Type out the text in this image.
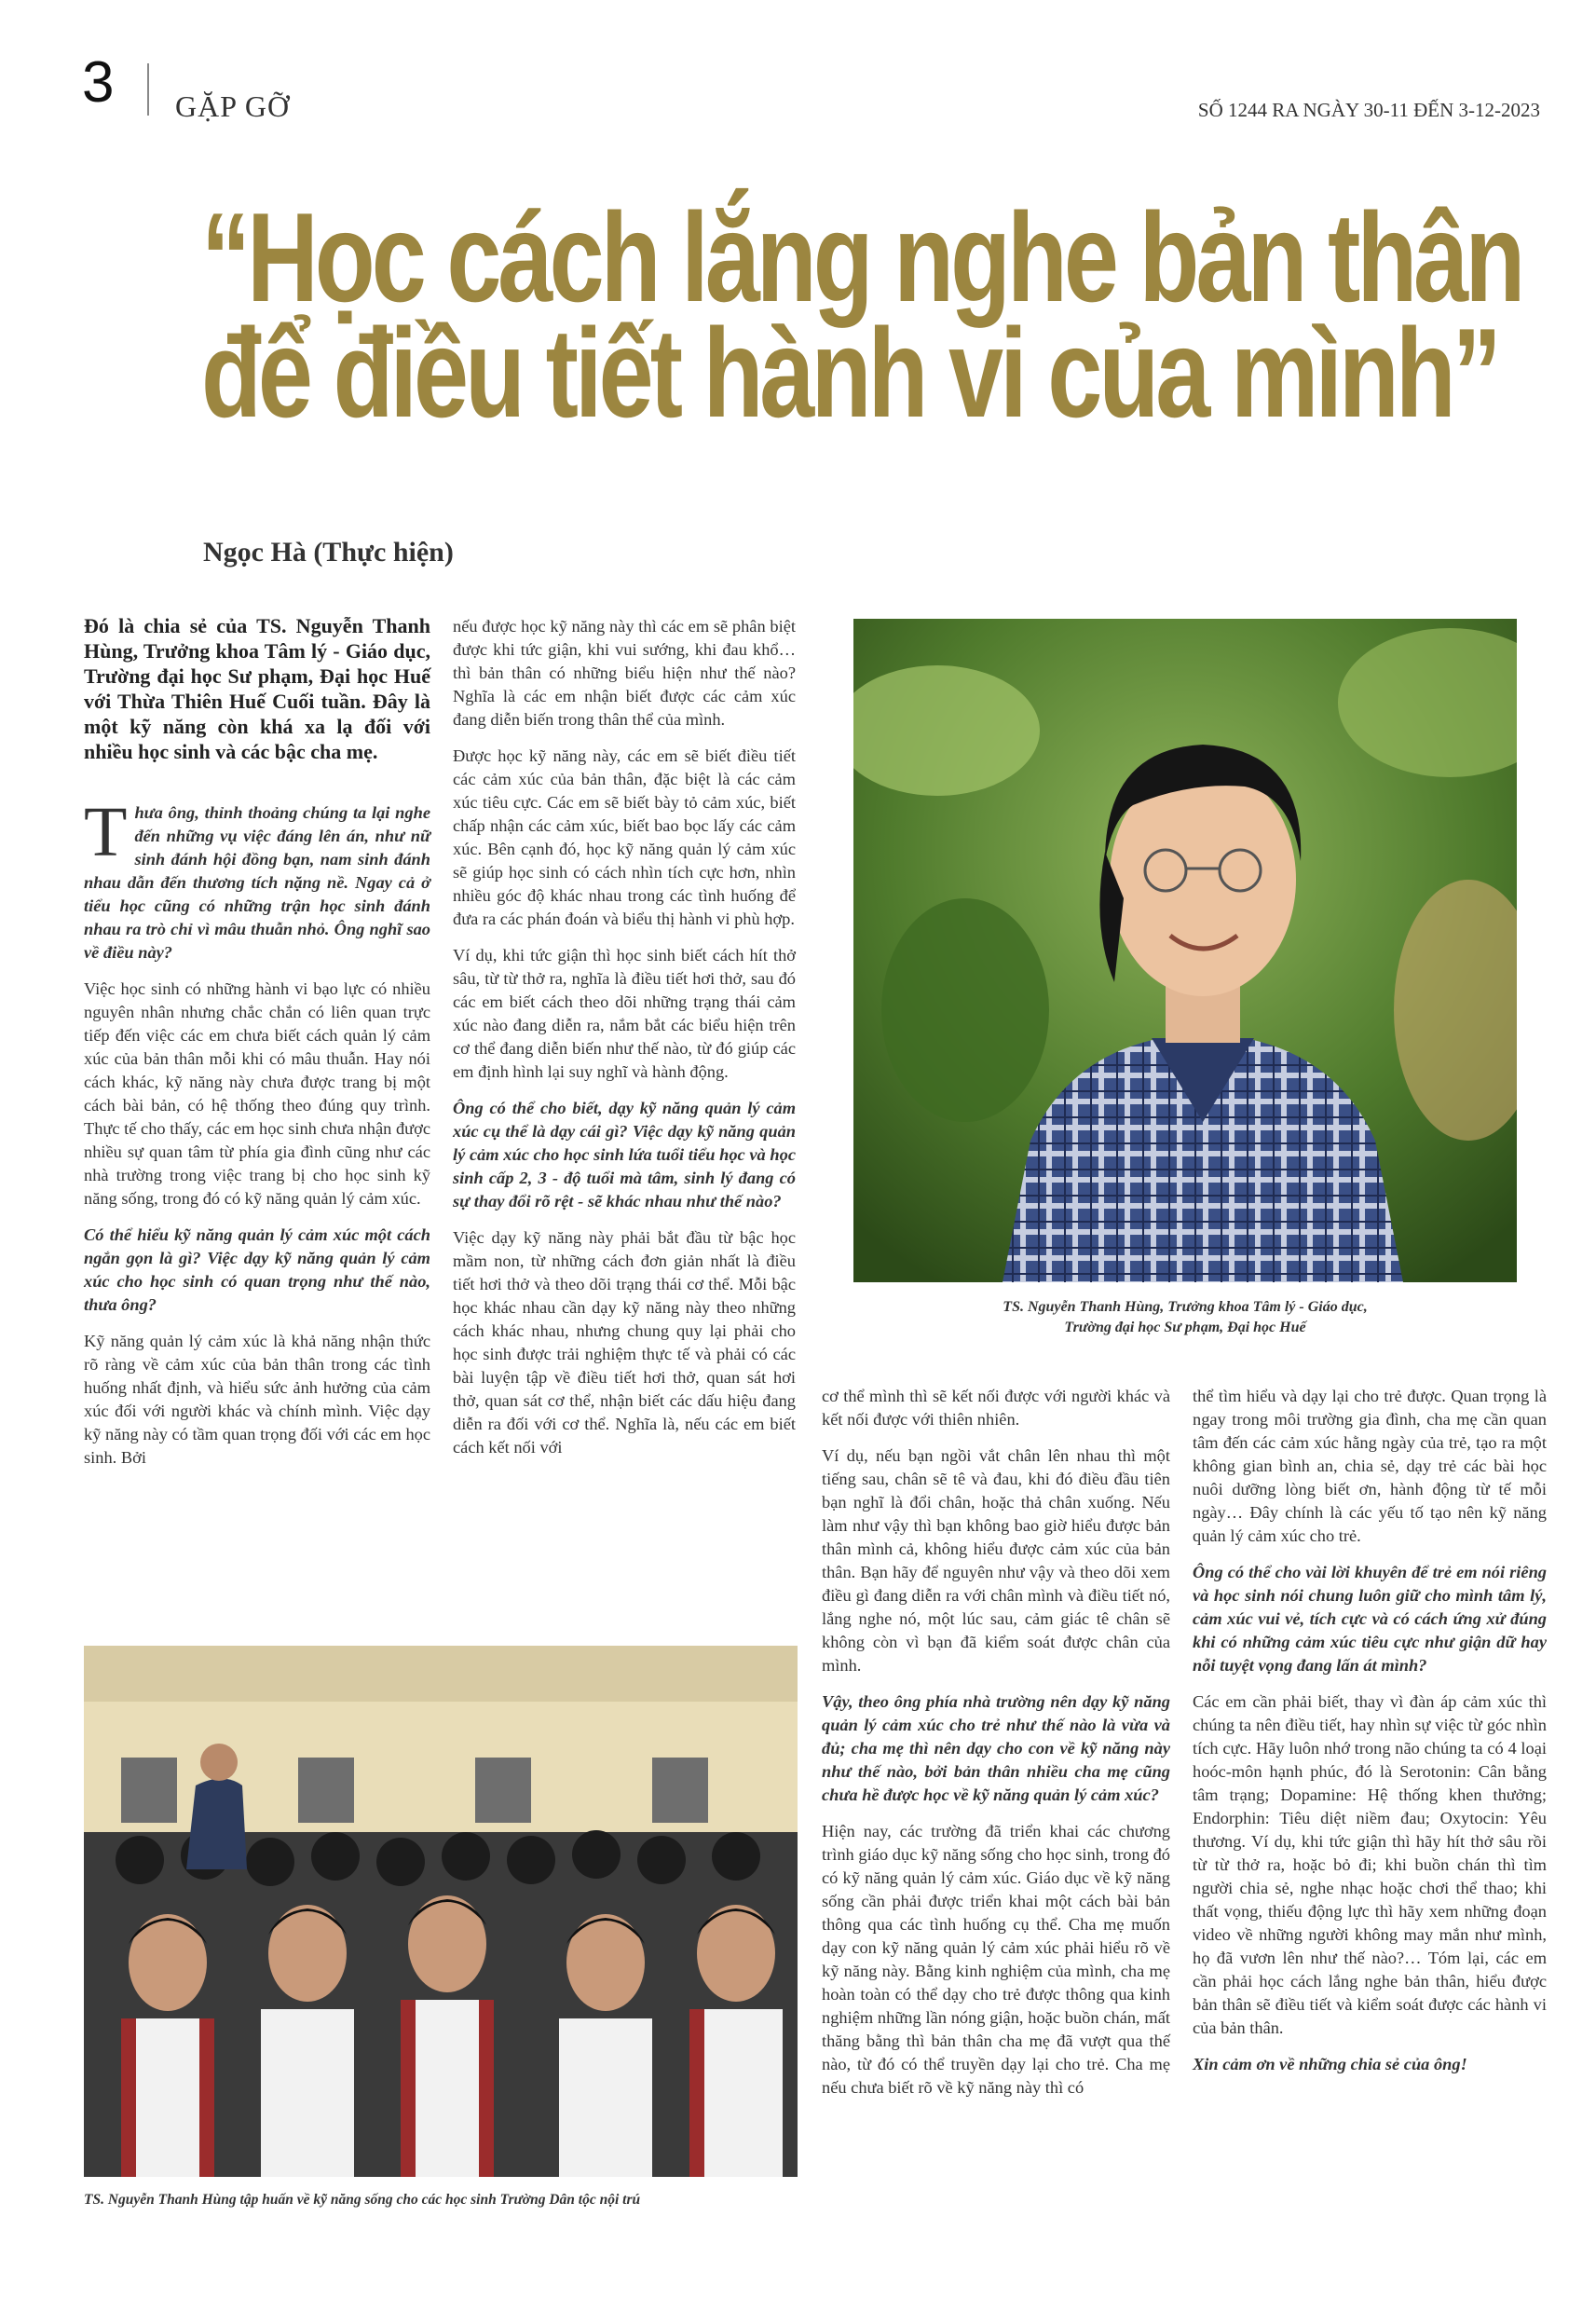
3 GẶP GỠ	SỐ 1244 RA NGÀY 30-11 ĐẾN 3-12-2023
“Học cách lắng nghe bản thân
để điều tiết hành vi của mình”
Ngọc Hà (Thực hiện)

Đó là chia sẻ của TS. Nguyễn Thanh Hùng, Trưởng khoa Tâm lý - Giáo dục, Trường đại học Sư phạm, Đại học Huế với Thừa Thiên Huế Cuối tuần. Đây là một kỹ năng còn khá xa lạ đối với nhiều học sinh và các bậc cha mẹ.

Thưa ông, thỉnh thoảng chúng ta lại nghe đến những vụ việc đáng lên án, như nữ sinh đánh hội đồng bạn, nam sinh đánh nhau dẫn đến thương tích nặng nề. Ngay cả ở tiểu học cũng có những trận học sinh đánh nhau ra trò chỉ vì mâu thuẫn nhỏ. Ông nghĩ sao về điều này?

Việc học sinh có những hành vi bạo lực có nhiều nguyên nhân nhưng chắc chắn có liên quan trực tiếp đến việc các em chưa biết cách quản lý cảm xúc của bản thân mỗi khi có mâu thuẫn. Hay nói cách khác, kỹ năng này chưa được trang bị một cách bài bản, có hệ thống theo đúng quy trình. Thực tế cho thấy, các em học sinh chưa nhận được nhiều sự quan tâm từ phía gia đình cũng như các nhà trường trong việc trang bị cho học sinh kỹ năng sống, trong đó có kỹ năng quản lý cảm xúc.

Có thể hiểu kỹ năng quản lý cảm xúc một cách ngắn gọn là gì? Việc dạy kỹ năng quản lý cảm xúc cho học sinh có quan trọng như thế nào, thưa ông?

Kỹ năng quản lý cảm xúc là khả năng nhận thức rõ ràng về cảm xúc của bản thân trong các tình huống nhất định, và hiểu sức ảnh hưởng của cảm xúc đối với người khác và chính mình. Việc dạy kỹ năng này có tầm quan trọng đối với các em học sinh. Bởi

nếu được học kỹ năng này thì các em sẽ phân biệt được khi tức giận, khi vui sướng, khi đau khổ… thì bản thân có những biểu hiện như thế nào? Nghĩa là các em nhận biết được các cảm xúc đang diễn biến trong thân thể của mình.

Được học kỹ năng này, các em sẽ biết điều tiết các cảm xúc của bản thân, đặc biệt là các cảm xúc tiêu cực. Các em sẽ biết bày tỏ cảm xúc, biết chấp nhận các cảm xúc, biết bao bọc lấy các cảm xúc. Bên cạnh đó, học kỹ năng quản lý cảm xúc sẽ giúp học sinh có cách nhìn tích cực hơn, nhìn nhiều góc độ khác nhau trong các tình huống để đưa ra các phán đoán và biểu thị hành vi phù hợp.

Ví dụ, khi tức giận thì học sinh biết cách hít thở sâu, từ từ thở ra, nghĩa là điều tiết hơi thở, sau đó các em biết cách theo dõi những trạng thái cảm xúc nào đang diễn ra, nắm bắt các biểu hiện trên cơ thể đang diễn biến như thế nào, từ đó giúp các em định hình lại suy nghĩ và hành động.

Ông có thể cho biết, dạy kỹ năng quản lý cảm xúc cụ thể là dạy cái gì? Việc dạy kỹ năng quản lý cảm xúc cho học sinh lứa tuổi tiểu học và học sinh cấp 2, 3 - độ tuổi mà tâm, sinh lý đang có sự thay đổi rõ rệt - sẽ khác nhau như thế nào?

Việc dạy kỹ năng này phải bắt đầu từ bậc học mầm non, từ những cách đơn giản nhất là điều tiết hơi thở và theo dõi trạng thái cơ thể. Mỗi bậc học khác nhau cần dạy kỹ năng này theo những cách khác nhau, nhưng chung quy lại phải cho học sinh được trải nghiệm thực tế và phải có các bài luyện tập về điều tiết hơi thở, quan sát hơi thở, quan sát cơ thể, nhận biết các dấu hiệu đang diễn ra đối với cơ thể. Nghĩa là, nếu các em biết cách kết nối với

TS. Nguyễn Thanh Hùng, Trưởng khoa Tâm lý - Giáo dục,
Trường đại học Sư phạm, Đại học Huế

cơ thể mình thì sẽ kết nối được với người khác và kết nối được với thiên nhiên.

Ví dụ, nếu bạn ngồi vắt chân lên nhau thì một tiếng sau, chân sẽ tê và đau, khi đó điều đầu tiên bạn nghĩ là đổi chân, hoặc thả chân xuống. Nếu làm như vậy thì bạn không bao giờ hiểu được bản thân mình cả, không hiểu được cảm xúc của bản thân. Bạn hãy để nguyên như vậy và theo dõi xem điều gì đang diễn ra với chân mình và điều tiết nó, lắng nghe nó, một lúc sau, cảm giác tê chân sẽ không còn vì bạn đã kiểm soát được chân của mình.

Vậy, theo ông phía nhà trường nên dạy kỹ năng quản lý cảm xúc cho trẻ như thế nào là vừa và đủ; cha mẹ thì nên dạy cho con về kỹ năng này như thế nào, bởi bản thân nhiều cha mẹ cũng chưa hề được học về kỹ năng quản lý cảm xúc?

Hiện nay, các trường đã triển khai các chương trình giáo dục kỹ năng sống cho học sinh, trong đó có kỹ năng quản lý cảm xúc. Giáo dục về kỹ năng sống cần phải được triển khai một cách bài bản thông qua các tình huống cụ thể. Cha mẹ muốn dạy con kỹ năng quản lý cảm xúc phải hiểu rõ về kỹ năng này. Bằng kinh nghiệm của mình, cha mẹ hoàn toàn có thể dạy cho trẻ được thông qua kinh nghiệm những lần nóng giận, hoặc buồn chán, mất thăng bằng thì bản thân cha mẹ đã vượt qua thế nào, từ đó có thể truyền dạy lại cho trẻ. Cha mẹ nếu chưa biết rõ về kỹ năng này thì có

thể tìm hiểu và dạy lại cho trẻ được. Quan trọng là ngay trong môi trường gia đình, cha mẹ cần quan tâm đến các cảm xúc hằng ngày của trẻ, tạo ra một không gian bình an, chia sẻ, dạy trẻ các bài học nuôi dưỡng lòng biết ơn, hành động từ tế mỗi ngày… Đây chính là các yếu tố tạo nên kỹ năng quản lý cảm xúc cho trẻ.

Ông có thể cho vài lời khuyên để trẻ em nói riêng và học sinh nói chung luôn giữ cho mình tâm lý, cảm xúc vui vẻ, tích cực và có cách ứng xử đúng khi có những cảm xúc tiêu cực như giận dữ hay nỗi tuyệt vọng đang lấn át mình?

Các em cần phải biết, thay vì đàn áp cảm xúc thì chúng ta nên điều tiết, hay nhìn sự việc từ góc nhìn tích cực. Hãy luôn nhớ trong não chúng ta có 4 loại hoóc-môn hạnh phúc, đó là Serotonin: Cân bằng tâm trạng; Dopamine: Hệ thống khen thưởng; Endorphin: Tiêu diệt niềm đau; Oxytocin: Yêu thương. Ví dụ, khi tức giận thì hãy hít thở sâu rồi từ từ thở ra, hoặc bỏ đi; khi buồn chán thì tìm người chia sẻ, nghe nhạc hoặc chơi thể thao; khi thất vọng, thiếu động lực thì hãy xem những đoạn video về những người không may mắn như mình, họ đã vươn lên như thế nào?… Tóm lại, các em cần phải học cách lắng nghe bản thân, hiểu được bản thân sẽ điều tiết và kiểm soát được các hành vi của bản thân.

Xin cảm ơn về những chia sẻ của ông!

TS. Nguyễn Thanh Hùng tập huấn về kỹ năng sống cho các học sinh Trường Dân tộc nội trú
